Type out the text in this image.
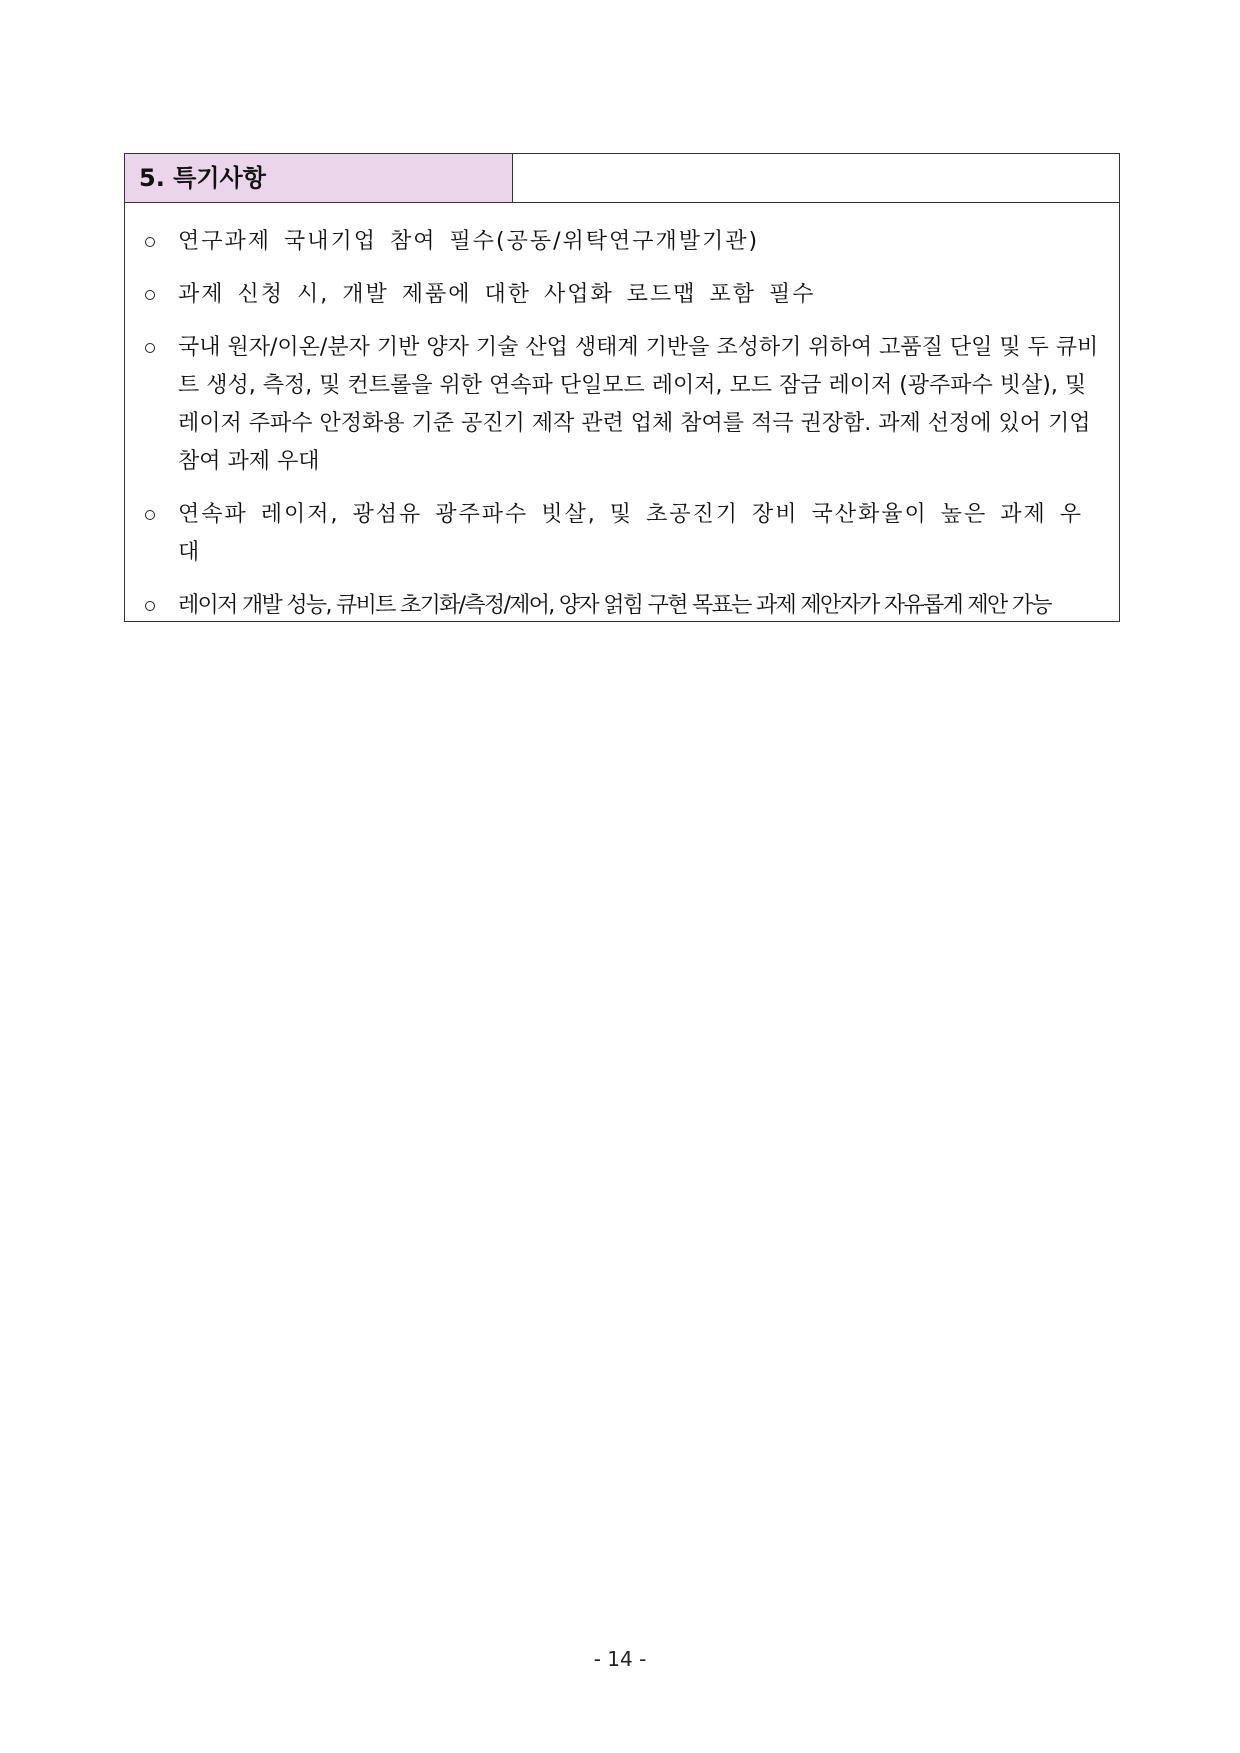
5. 특기사항
연구과제 국내기업 참여 필수(공동/위탁연구개발기관)
과제 신청 시, 개발 제품에 대한 사업화 로드맵 포함 필수
국내 원자/이온/분자 기반 양자 기술 산업 생태계 기반을 조성하기 위하여 고품질 단일 및 두 큐비트 생성, 측정, 및 컨트롤을 위한 연속파 단일모드 레이저, 모드 잠금 레이저 (광주파수 빗살), 및 레이저 주파수 안정화용 기준 공진기 제작 관련 업체 참여를 적극 권장함. 과제 선정에 있어 기업 참여 과제 우대
연속파 레이저, 광섬유 광주파수 빗살, 및 초공진기 장비 국산화율이 높은 과제 우대
레이저 개발 성능, 큐비트 초기화/측정/제어, 양자 얽힘 구현 목표는 과제 제안자가 자유롭게 제안 가능
- 14 -
